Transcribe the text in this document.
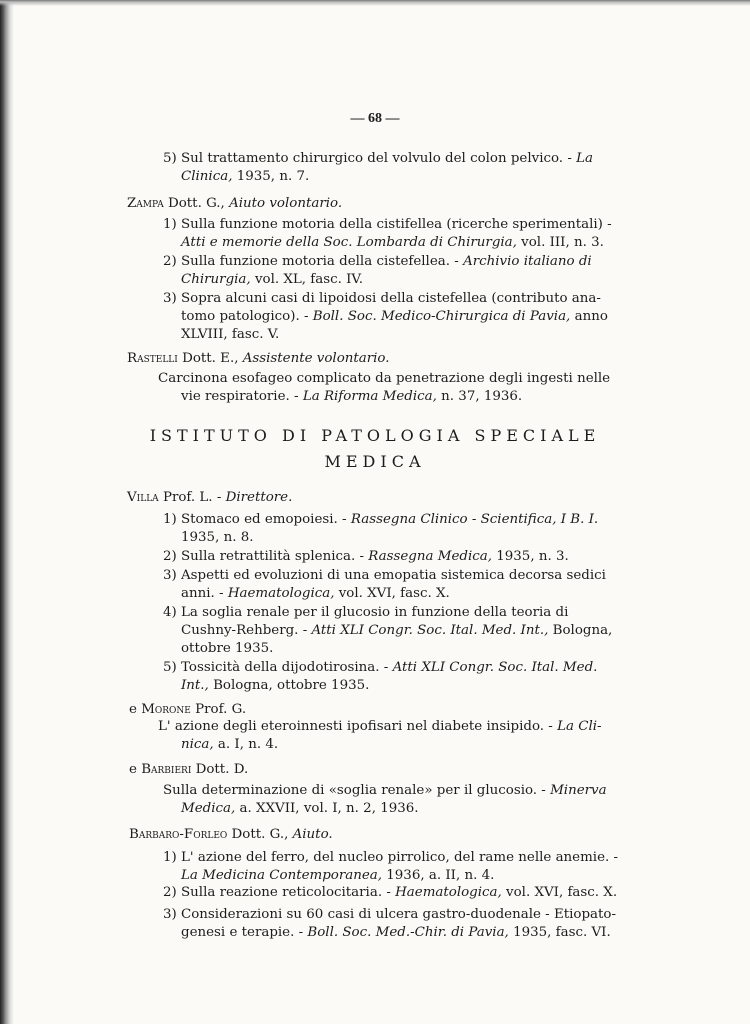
— 68 —
5) Sul trattamento chirurgico del volvulo del colon pelvico. - La
Clinica, 1935, n. 7.
Zampa Dott. G., Aiuto volontario.
1) Sulla funzione motoria della cistifellea (ricerche sperimentali) -
Atti e memorie della Soc. Lombarda di Chirurgia, vol. III, n. 3.
2) Sulla funzione motoria della cistefellea. - Archivio italiano di
Chirurgia, vol. XL, fasc. IV.
3) Sopra alcuni casi di lipoidosi della cistefellea (contributo ana-
tomo patologico). - Boll. Soc. Medico-Chirurgica di Pavia, anno
XLVIII, fasc. V.
Rastelli Dott. E., Assistente volontario.
Carcinona esofageo complicato da penetrazione degli ingesti nelle
vie respiratorie. - La Riforma Medica, n. 37, 1936.
ISTITUTO DI PATOLOGIA SPECIALE
MEDICA
Villa Prof. L. - Direttore.
1) Stomaco ed emopoiesi. - Rassegna Clinico - Scientifica, I B. I.
1935, n. 8.
2) Sulla retrattilità splenica. - Rassegna Medica, 1935, n. 3.
3) Aspetti ed evoluzioni di una emopatia sistemica decorsa sedici
anni. - Haematologica, vol. XVI, fasc. X.
4) La soglia renale per il glucosio in funzione della teoria di
Cushny-Rehberg. - Atti XLI Congr. Soc. Ital. Med. Int., Bologna,
ottobre 1935.
5) Tossicità della dijodotirosina. - Atti XLI Congr. Soc. Ital. Med.
Int., Bologna, ottobre 1935.
e Morone Prof. G.
L' azione degli eteroinnesti ipofisari nel diabete insipido. - La Cli-
nica, a. I, n. 4.
e Barbieri Dott. D.
Sulla determinazione di «soglia renale» per il glucosio. - Minerva
Medica, a. XXVII, vol. I, n. 2, 1936.
Barbaro-Forleo Dott. G., Aiuto.
1) L' azione del ferro, del nucleo pirrolico, del rame nelle anemie. -
La Medicina Contemporanea, 1936, a. II, n. 4.
2) Sulla reazione reticolocitaria. - Haematologica, vol. XVI, fasc. X.
3) Considerazioni su 60 casi di ulcera gastro-duodenale - Etiopato-
genesi e terapie. - Boll. Soc. Med.-Chir. di Pavia, 1935, fasc. VI.
